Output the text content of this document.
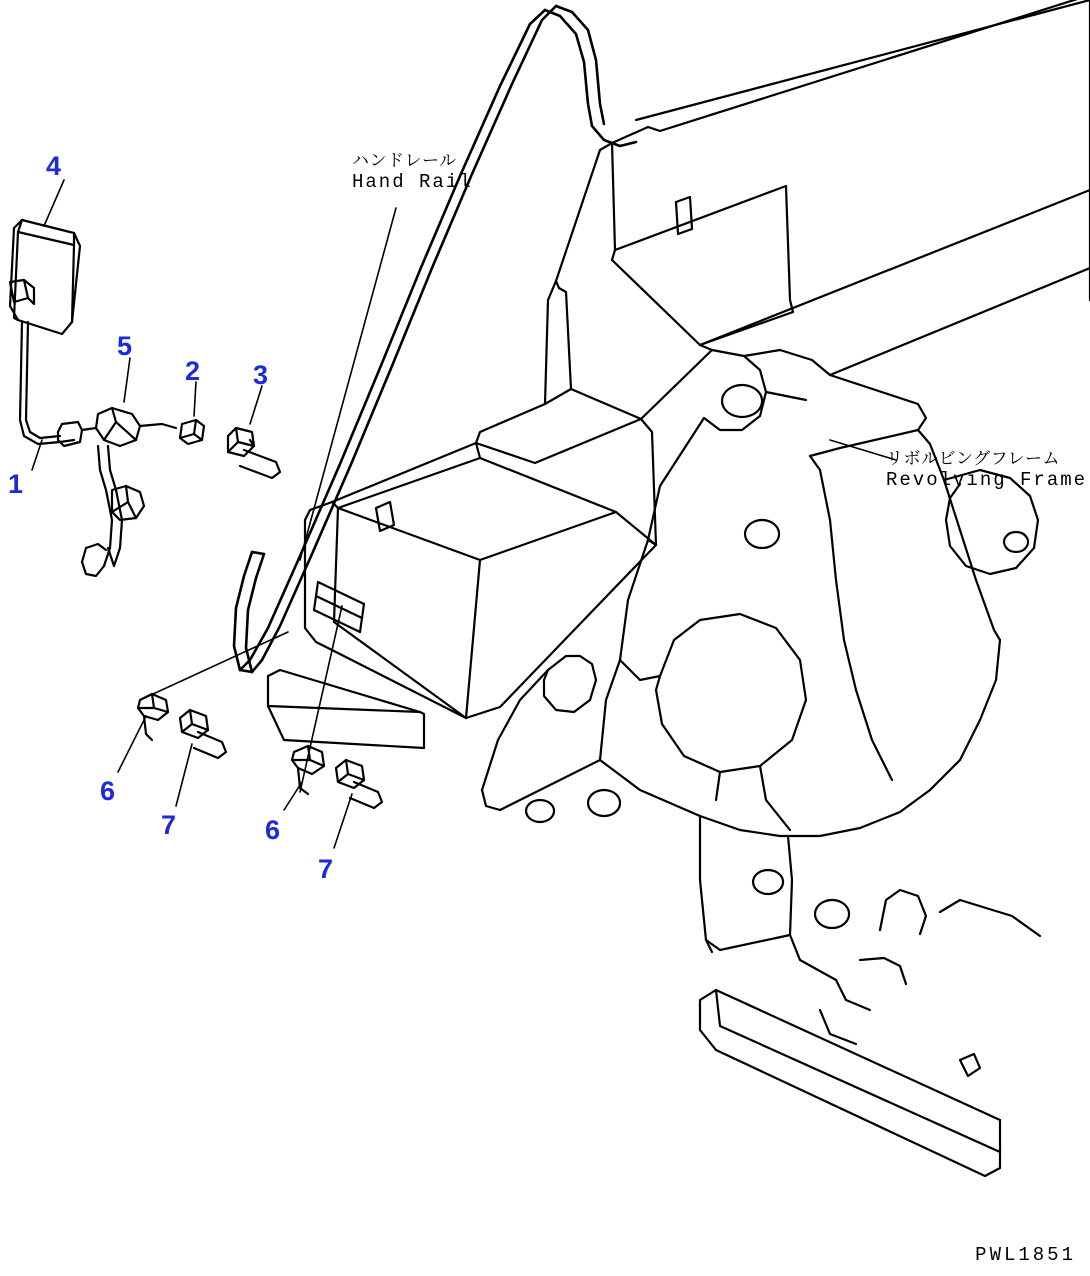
ハンドレール
Hand Rail
リボルビングフレーム
Revolving Frame
4
5
2 3
1
6
7	6
7
PWL1851
